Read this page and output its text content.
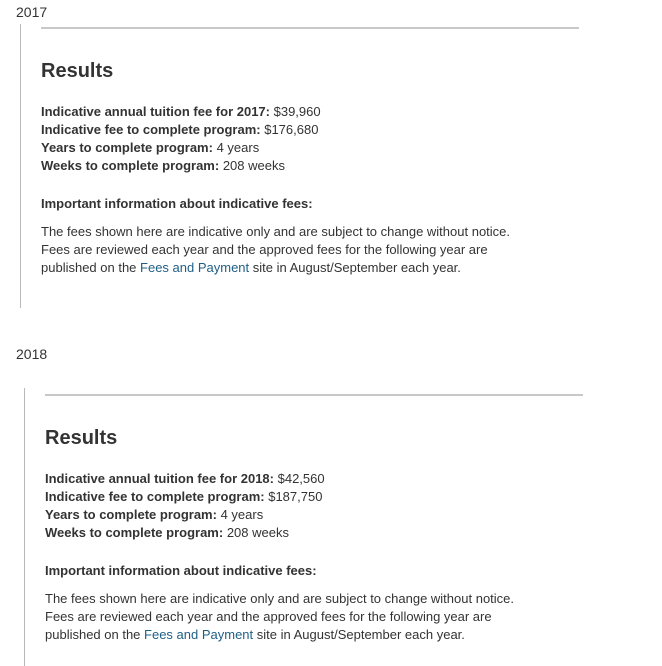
2017
Results
Indicative annual tuition fee for 2017: $39,960
Indicative fee to complete program: $176,680
Years to complete program: 4 years
Weeks to complete program: 208 weeks
Important information about indicative fees:
The fees shown here are indicative only and are subject to change without notice.
Fees are reviewed each year and the approved fees for the following year are
published on the Fees and Payment site in August/September each year.
2018
Results
Indicative annual tuition fee for 2018: $42,560
Indicative fee to complete program: $187,750
Years to complete program: 4 years
Weeks to complete program: 208 weeks
Important information about indicative fees:
The fees shown here are indicative only and are subject to change without notice.
Fees are reviewed each year and the approved fees for the following year are
published on the Fees and Payment site in August/September each year.
